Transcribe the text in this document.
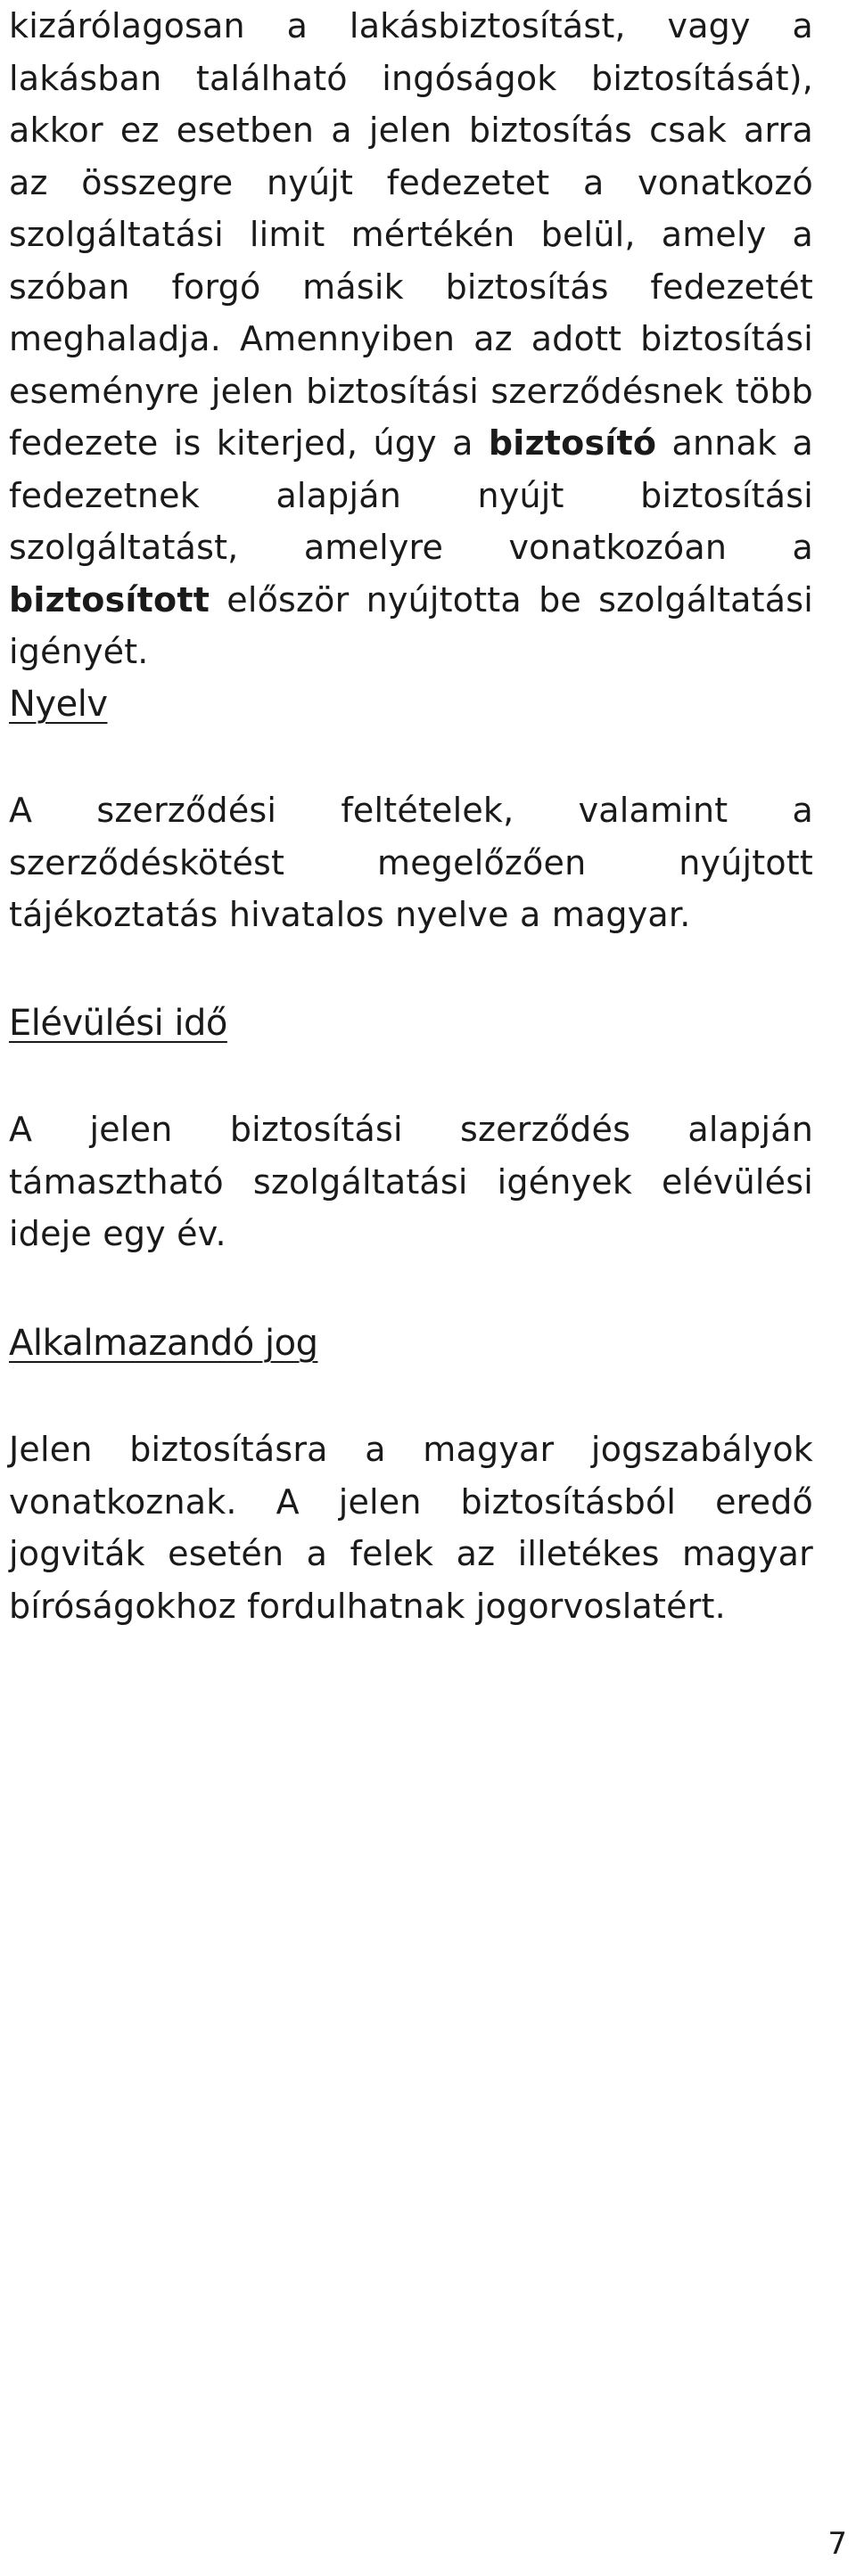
kizárólagosan a lakásbiztosítást, vagy a lakásban található ingóságok biztosítását), akkor ez esetben a jelen biztosítás csak arra az összegre nyújt fedezetet a vonatkozó szolgáltatási limit mértékén belül, amely a szóban forgó másik biztosítás fedezetét meghaladja. Amennyiben az adott biztosítási eseményre jelen biztosítási szerződésnek több fedezete is kiterjed, úgy a biztosító annak a fedezetnek alapján nyújt biztosítási szolgáltatást, amelyre vonatkozóan a biztosított először nyújtotta be szolgáltatási igényét.

Nyelv

A szerződési feltételek, valamint a szerződéskötést megelőzően nyújtott tájékoztatás hivatalos nyelve a magyar.

Elévülési idő

A jelen biztosítási szerződés alapján támasztható szolgáltatási igények elévülési ideje egy év.

Alkalmazandó jog

Jelen biztosításra a magyar jogszabályok vonatkoznak. A jelen biztosításból eredő jogviták esetén a felek az illetékes magyar bíróságokhoz fordulhatnak jogorvoslatért.

7
